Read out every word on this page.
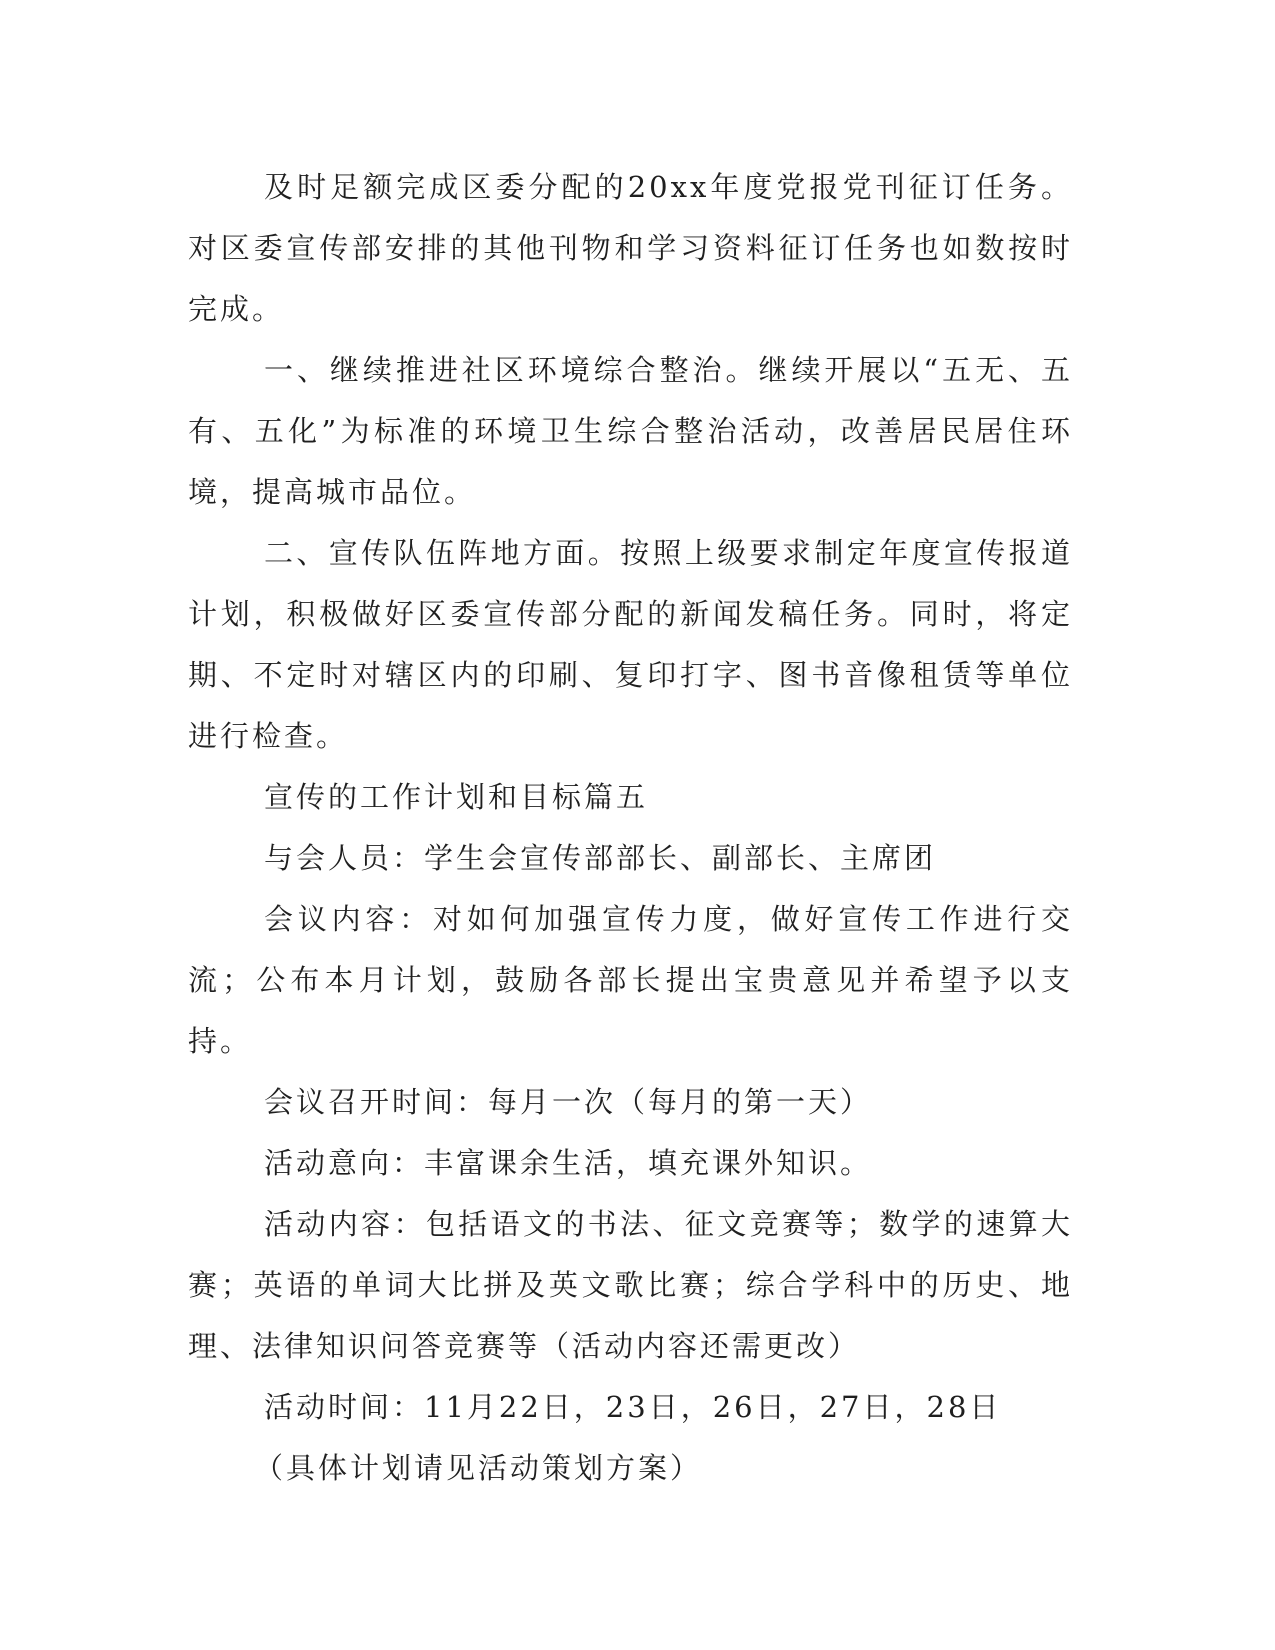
及时足额完成区委分配的20xx年度党报党刊征订任务。对区委宣传部安排的其他刊物和学习资料征订任务也如数按时完成。

一、继续推进社区环境综合整治。继续开展以“五无、五有、五化”为标准的环境卫生综合整治活动，改善居民居住环境，提高城市品位。

二、宣传队伍阵地方面。按照上级要求制定年度宣传报道计划，积极做好区委宣传部分配的新闻发稿任务。同时，将定期、不定时对辖区内的印刷、复印打字、图书音像租赁等单位进行检查。

宣传的工作计划和目标篇五

与会人员：学生会宣传部部长、副部长、主席团

会议内容：对如何加强宣传力度，做好宣传工作进行交流；公布本月计划，鼓励各部长提出宝贵意见并希望予以支持。

会议召开时间：每月一次（每月的第一天）

活动意向：丰富课余生活，填充课外知识。

活动内容：包括语文的书法、征文竞赛等；数学的速算大赛；英语的单词大比拼及英文歌比赛；综合学科中的历史、地理、法律知识问答竞赛等（活动内容还需更改）

活动时间：11月22日，23日，26日，27日，28日

（具体计划请见活动策划方案）
